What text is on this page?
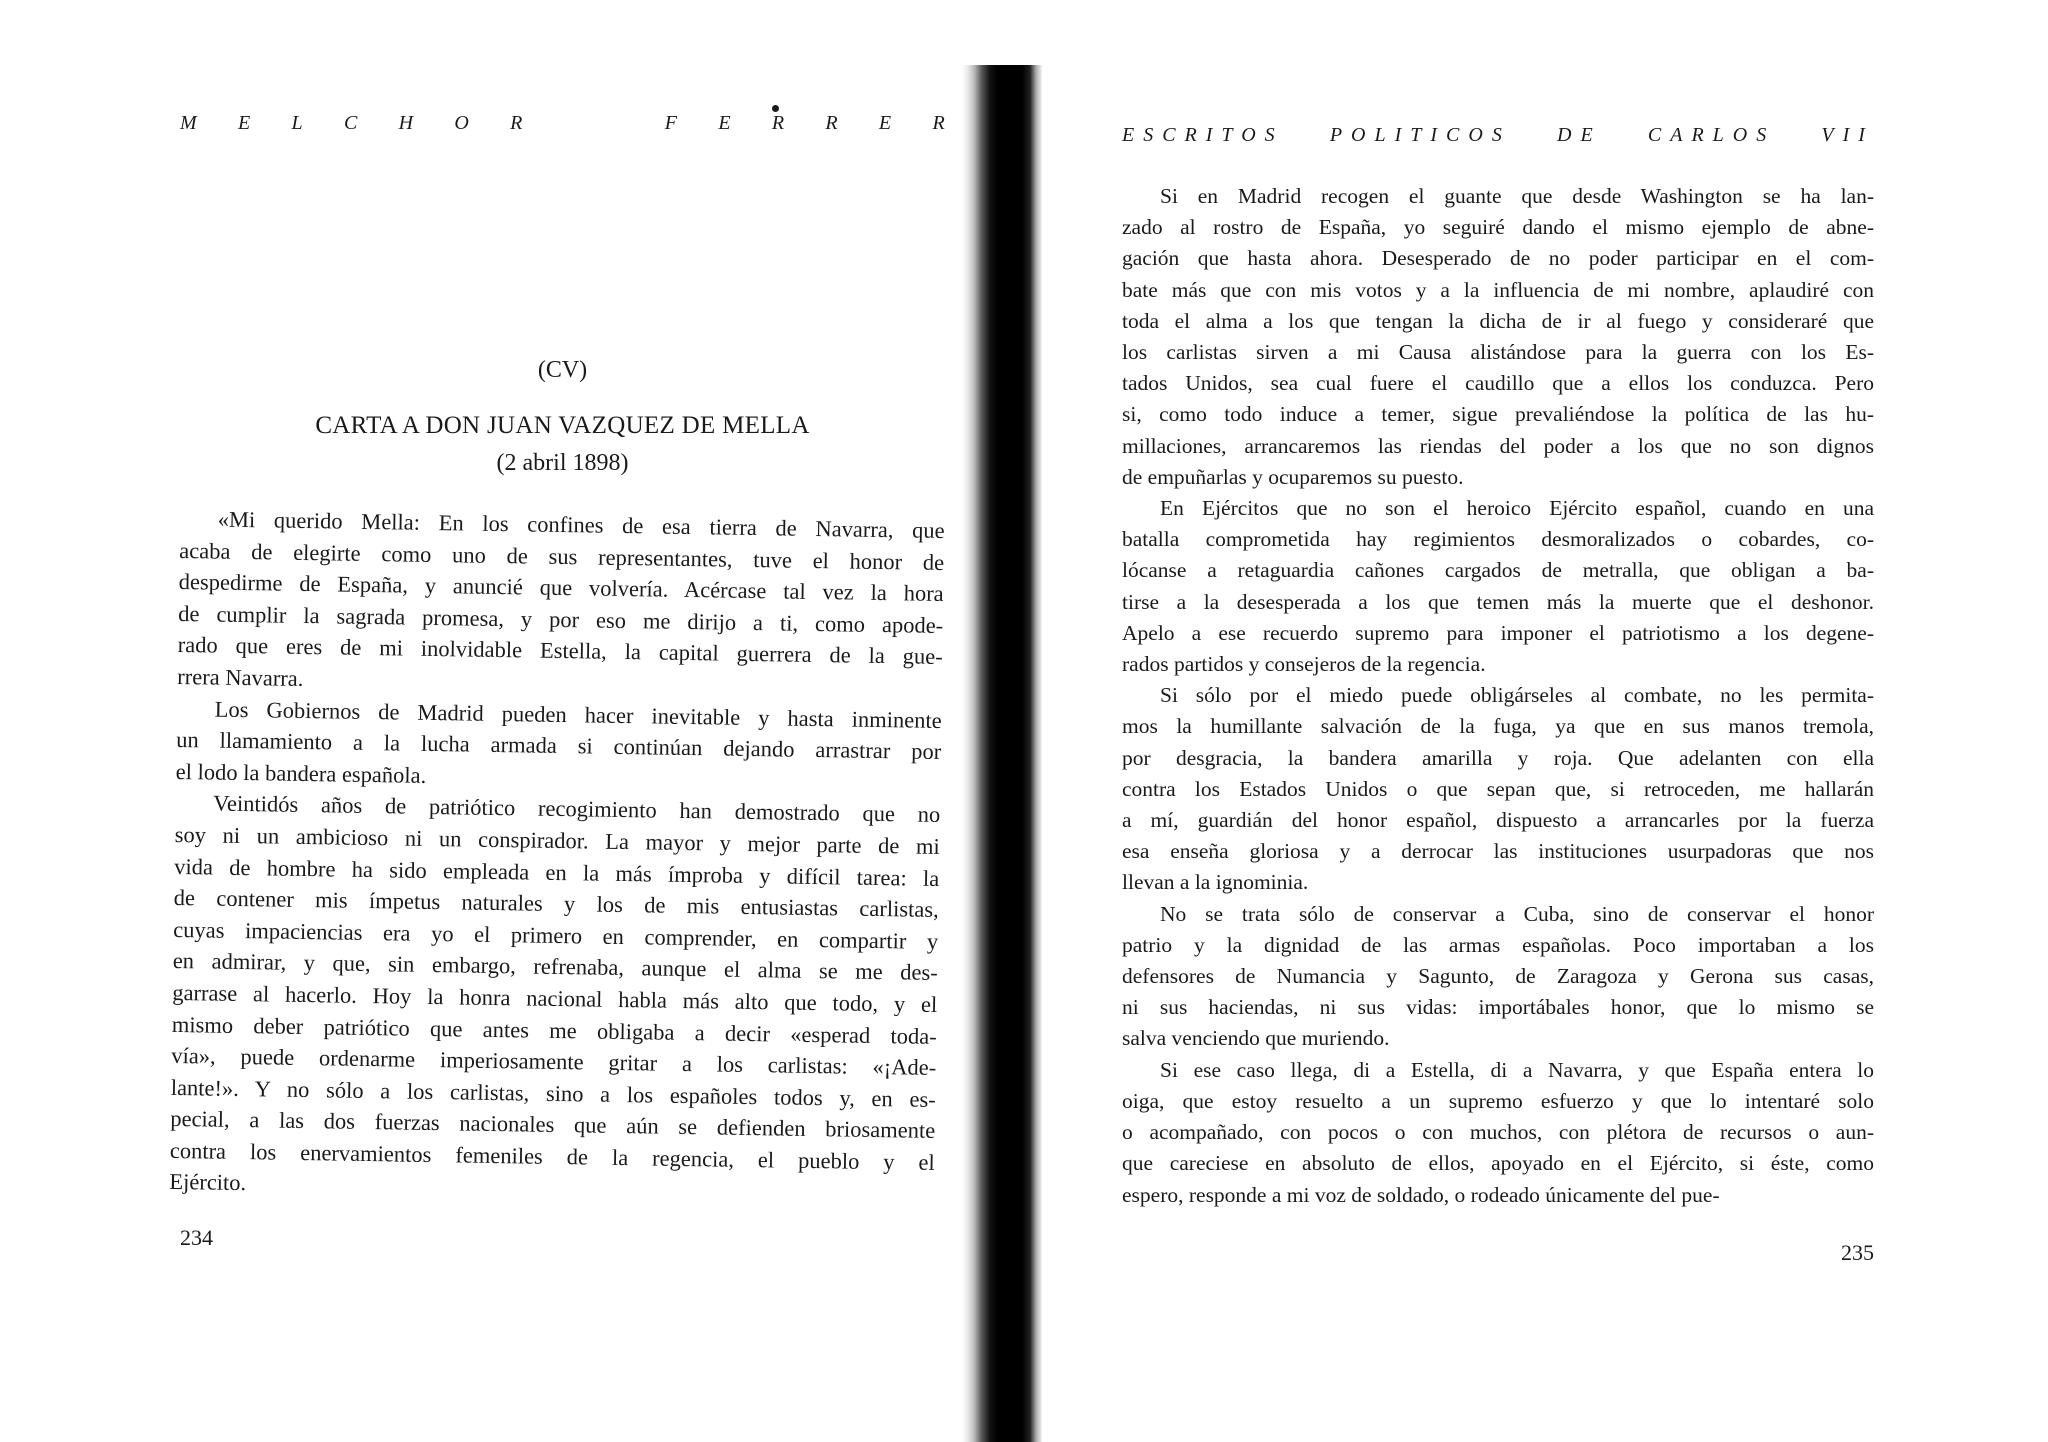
M E L C H O R	F E R R E R
(CV)
CARTA A DON JUAN VAZQUEZ DE MELLA
(2 abril 1898)
«Mi querido Mella: En los confines de esa tierra de Navarra, que
acaba de elegirte como uno de sus representantes, tuve el honor de
despedirme de España, y anuncié que volvería. Acércase tal vez la hora
de cumplir la sagrada promesa, y por eso me dirijo a ti, como apode-
rado que eres de mi inolvidable Estella, la capital guerrera de la gue-
rrera Navarra.
Los Gobiernos de Madrid pueden hacer inevitable y hasta inminente
un llamamiento a la lucha armada si continúan dejando arrastrar por
el lodo la bandera española.
Veintidós años de patriótico recogimiento han demostrado que no
soy ni un ambicioso ni un conspirador. La mayor y mejor parte de mi
vida de hombre ha sido empleada en la más ímproba y difícil tarea: la
de contener mis ímpetus naturales y los de mis entusiastas carlistas,
cuyas impaciencias era yo el primero en comprender, en compartir y
en admirar, y que, sin embargo, refrenaba, aunque el alma se me des-
garrase al hacerlo. Hoy la honra nacional habla más alto que todo, y el
mismo deber patriótico que antes me obligaba a decir «esperad toda-
vía», puede ordenarme imperiosamente gritar a los carlistas: «¡Ade-
lante!». Y no sólo a los carlistas, sino a los españoles todos y, en es-
pecial, a las dos fuerzas nacionales que aún se defienden briosamente
contra los enervamientos femeniles de la regencia, el pueblo y el
Ejército.
234
ESCRITOS POLITICOS DE CARLOS VII
Si en Madrid recogen el guante que desde Washington se ha lan-
zado al rostro de España, yo seguiré dando el mismo ejemplo de abne-
gación que hasta ahora. Desesperado de no poder participar en el com-
bate más que con mis votos y a la influencia de mi nombre, aplaudiré con
toda el alma a los que tengan la dicha de ir al fuego y consideraré que
los carlistas sirven a mi Causa alistándose para la guerra con los Es-
tados Unidos, sea cual fuere el caudillo que a ellos los conduzca. Pero
si, como todo induce a temer, sigue prevaliéndose la política de las hu-
millaciones, arrancaremos las riendas del poder a los que no son dignos
de empuñarlas y ocuparemos su puesto.
En Ejércitos que no son el heroico Ejército español, cuando en una
batalla comprometida hay regimientos desmoralizados o cobardes, co-
lócanse a retaguardia cañones cargados de metralla, que obligan a ba-
tirse a la desesperada a los que temen más la muerte que el deshonor.
Apelo a ese recuerdo supremo para imponer el patriotismo a los degene-
rados partidos y consejeros de la regencia.
Si sólo por el miedo puede obligárseles al combate, no les permita-
mos la humillante salvación de la fuga, ya que en sus manos tremola,
por desgracia, la bandera amarilla y roja. Que adelanten con ella
contra los Estados Unidos o que sepan que, si retroceden, me hallarán
a mí, guardián del honor español, dispuesto a arrancarles por la fuerza
esa enseña gloriosa y a derrocar las instituciones usurpadoras que nos
llevan a la ignominia.
No se trata sólo de conservar a Cuba, sino de conservar el honor
patrio y la dignidad de las armas españolas. Poco importaban a los
defensores de Numancia y Sagunto, de Zaragoza y Gerona sus casas,
ni sus haciendas, ni sus vidas: importábales honor, que lo mismo se
salva venciendo que muriendo.
Si ese caso llega, di a Estella, di a Navarra, y que España entera lo
oiga, que estoy resuelto a un supremo esfuerzo y que lo intentaré solo
o acompañado, con pocos o con muchos, con plétora de recursos o aun-
que careciese en absoluto de ellos, apoyado en el Ejército, si éste, como
espero, responde a mi voz de soldado, o rodeado únicamente del pue-
235
